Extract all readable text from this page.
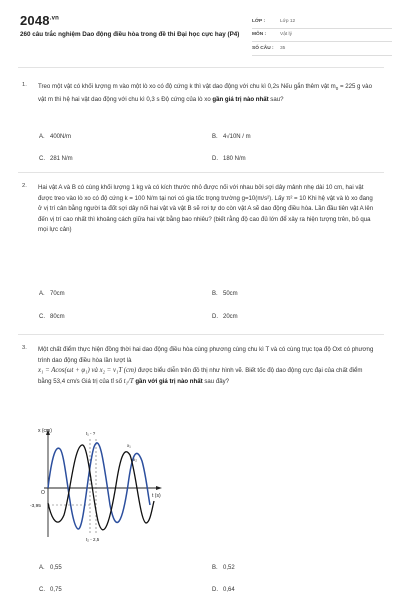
$2048^{.vn}$
260 câu trắc nghiệm Dao động điều hòa trong đề thi Đại học cực hay (P4)
LỚP :	Lớp 12
MÔN :	Vật lý
SỐ CÂU :	35
1. Treo một vật có khối lượng m vào một lò xo có độ cứng k thì vật dao động với chu kì 0,2s Nếu gắn thêm vật $m_0 = 225$ g vào vật m thì hệ hai vật dao động với chu kì 0,3 s Độ cứng của lò xo gần giá trị nào nhất sau?
A. 400N/m	B. 4√10N / m
C. 281 N/m	D. 180 N/m
2. Hai vật A và B có cùng khối lượng 1 kg và có kích thước nhỏ được nối với nhau bởi sợi dây mảnh nhẹ dài 10 cm, hai vật được treo vào lò xo có độ cứng k = 100 N/m tại nơi có gia tốc trọng trường g=10(m/s²). Lấy π² = 10 Khi hệ vật và lò xo đang ở vị trí cân bằng người ta đốt sợi dây nối hai vật và vật B sẽ rơi tự do còn vật A sẽ dao động điều hòa. Lần đầu tiên vật A lên đến vị trí cao nhất thì khoảng cách giữa hai vật bằng bao nhiêu? (biết rằng độ cao đủ lớn để xảy ra hiện tượng trên, bỏ qua mọi lực cản)
A. 70cm	B. 50cm
C. 80cm	D. 20cm
3. Một chất điểm thực hiện đồng thời hai dao động điều hòa cùng phương cùng chu kì T và có cùng trục tọa độ Oxt có phương trình dao động điều hòa lần lượt là
x₁ = Acos(ωt + φ₁) và x₂ = v₁T (cm) được biểu diễn trên đồ thị như hình vẽ. Biết tốc độ dao động cực đại của chất điểm bằng 53,4 cm/s Giá trị của tỉ số t₁/T gần với giá trị nào nhất sau đây?
A. 0,55	B. 0,52
C. 0,75	D. 0,64
x (cm)
t (s)
O
-3,95
t₁ - ?
t₂ - 2,5
x₁
x₂
